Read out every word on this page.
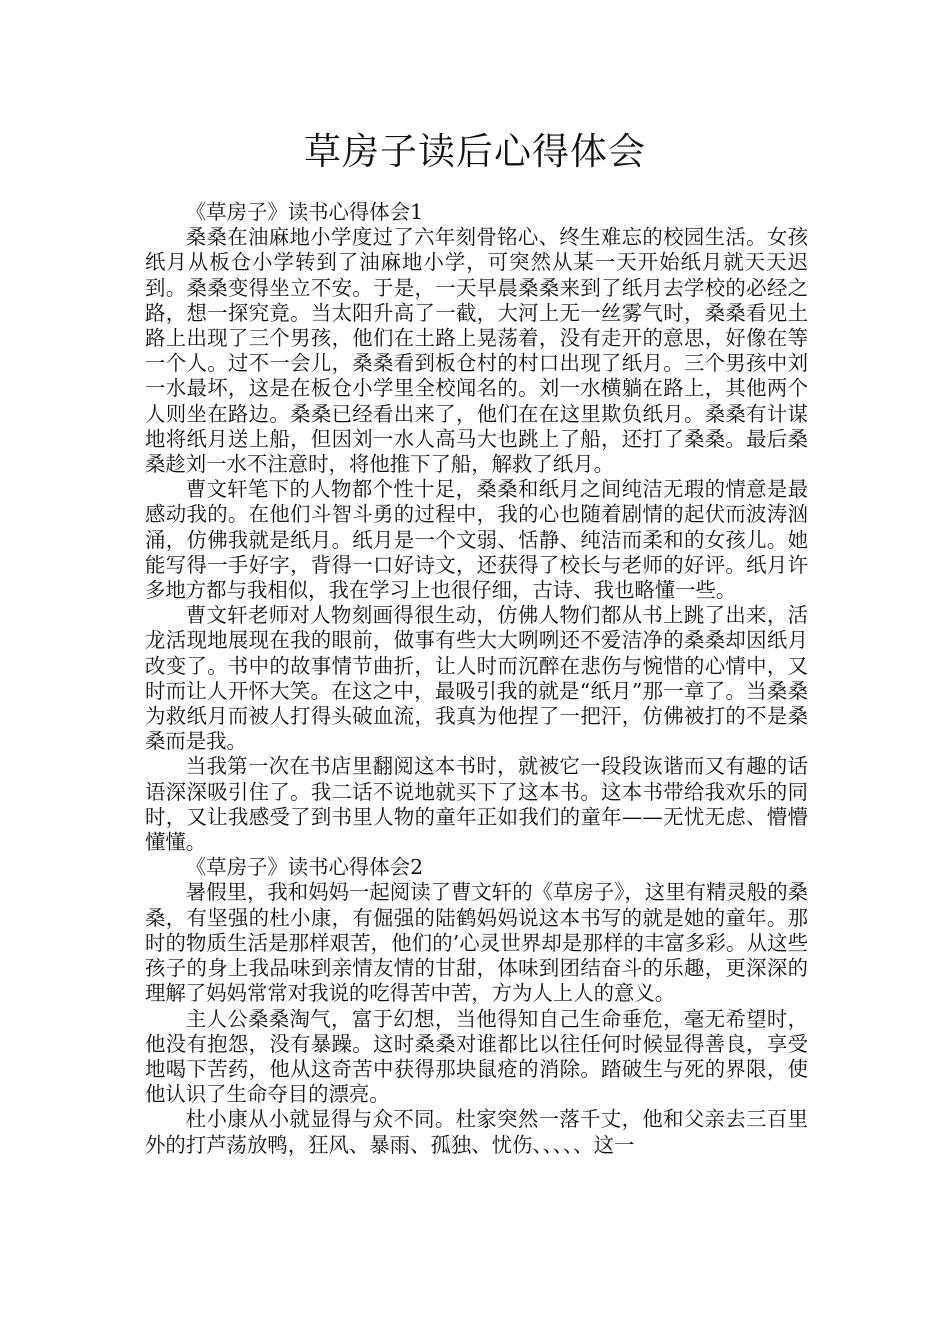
草房子读后心得体会

《草房子》读书心得体会1

桑桑在油麻地小学度过了六年刻骨铭心、终生难忘的校园生活。女孩纸月从板仓小学转到了油麻地小学，可突然从某一天开始纸月就天天迟到。桑桑变得坐立不安。于是，一天早晨桑桑来到了纸月去学校的必经之路，想一探究竟。当太阳升高了一截，大河上无一丝雾气时，桑桑看见土路上出现了三个男孩，他们在土路上晃荡着，没有走开的意思，好像在等一个人。过不一会儿，桑桑看到板仓村的村口出现了纸月。三个男孩中刘一水最坏，这是在板仓小学里全校闻名的。刘一水横躺在路上，其他两个人则坐在路边。桑桑已经看出来了，他们在在这里欺负纸月。桑桑有计谋地将纸月送上船，但因刘一水人高马大也跳上了船，还打了桑桑。最后桑桑趁刘一水不注意时，将他推下了船，解救了纸月。

曹文轩笔下的人物都个性十足，桑桑和纸月之间纯洁无瑕的情意是最感动我的。在他们斗智斗勇的过程中，我的心也随着剧情的起伏而波涛汹涌，仿佛我就是纸月。纸月是一个文弱、恬静、纯洁而柔和的女孩儿。她能写得一手好字，背得一口好诗文，还获得了校长与老师的好评。纸月许多地方都与我相似，我在学习上也很仔细，古诗、我也略懂一些。

曹文轩老师对人物刻画得很生动，仿佛人物们都从书上跳了出来，活龙活现地展现在我的眼前，做事有些大大咧咧还不爱洁净的桑桑却因纸月改变了。书中的故事情节曲折，让人时而沉醉在悲伤与惋惜的心情中，又时而让人开怀大笑。在这之中，最吸引我的就是“纸月”那一章了。当桑桑为救纸月而被人打得头破血流，我真为他捏了一把汗，仿佛被打的不是桑桑而是我。

当我第一次在书店里翻阅这本书时，就被它一段段诙谐而又有趣的话语深深吸引住了。我二话不说地就买下了这本书。这本书带给我欢乐的同时，又让我感受了到书里人物的童年正如我们的童年——无忧无虑、懵懵懂懂。

《草房子》读书心得体会2

暑假里，我和妈妈一起阅读了曹文轩的《草房子》，这里有精灵般的桑桑，有坚强的杜小康，有倔强的陆鹤妈妈说这本书写的就是她的童年。那时的物质生活是那样艰苦，他们的’心灵世界却是那样的丰富多彩。从这些孩子的身上我品味到亲情友情的甘甜，体味到团结奋斗的乐趣，更深深的理解了妈妈常常对我说的吃得苦中苦，方为人上人的意义。

主人公桑桑淘气，富于幻想，当他得知自己生命垂危，毫无希望时，他没有抱怨，没有暴躁。这时桑桑对谁都比以往任何时候显得善良，享受地喝下苦药，他从这奇苦中获得那块鼠疮的消除。踏破生与死的界限，使他认识了生命夺目的漂亮。

杜小康从小就显得与众不同。杜家突然一落千丈，他和父亲去三百里外的打芦荡放鸭，狂风、暴雨、孤独、忧伤、、、、、这一
